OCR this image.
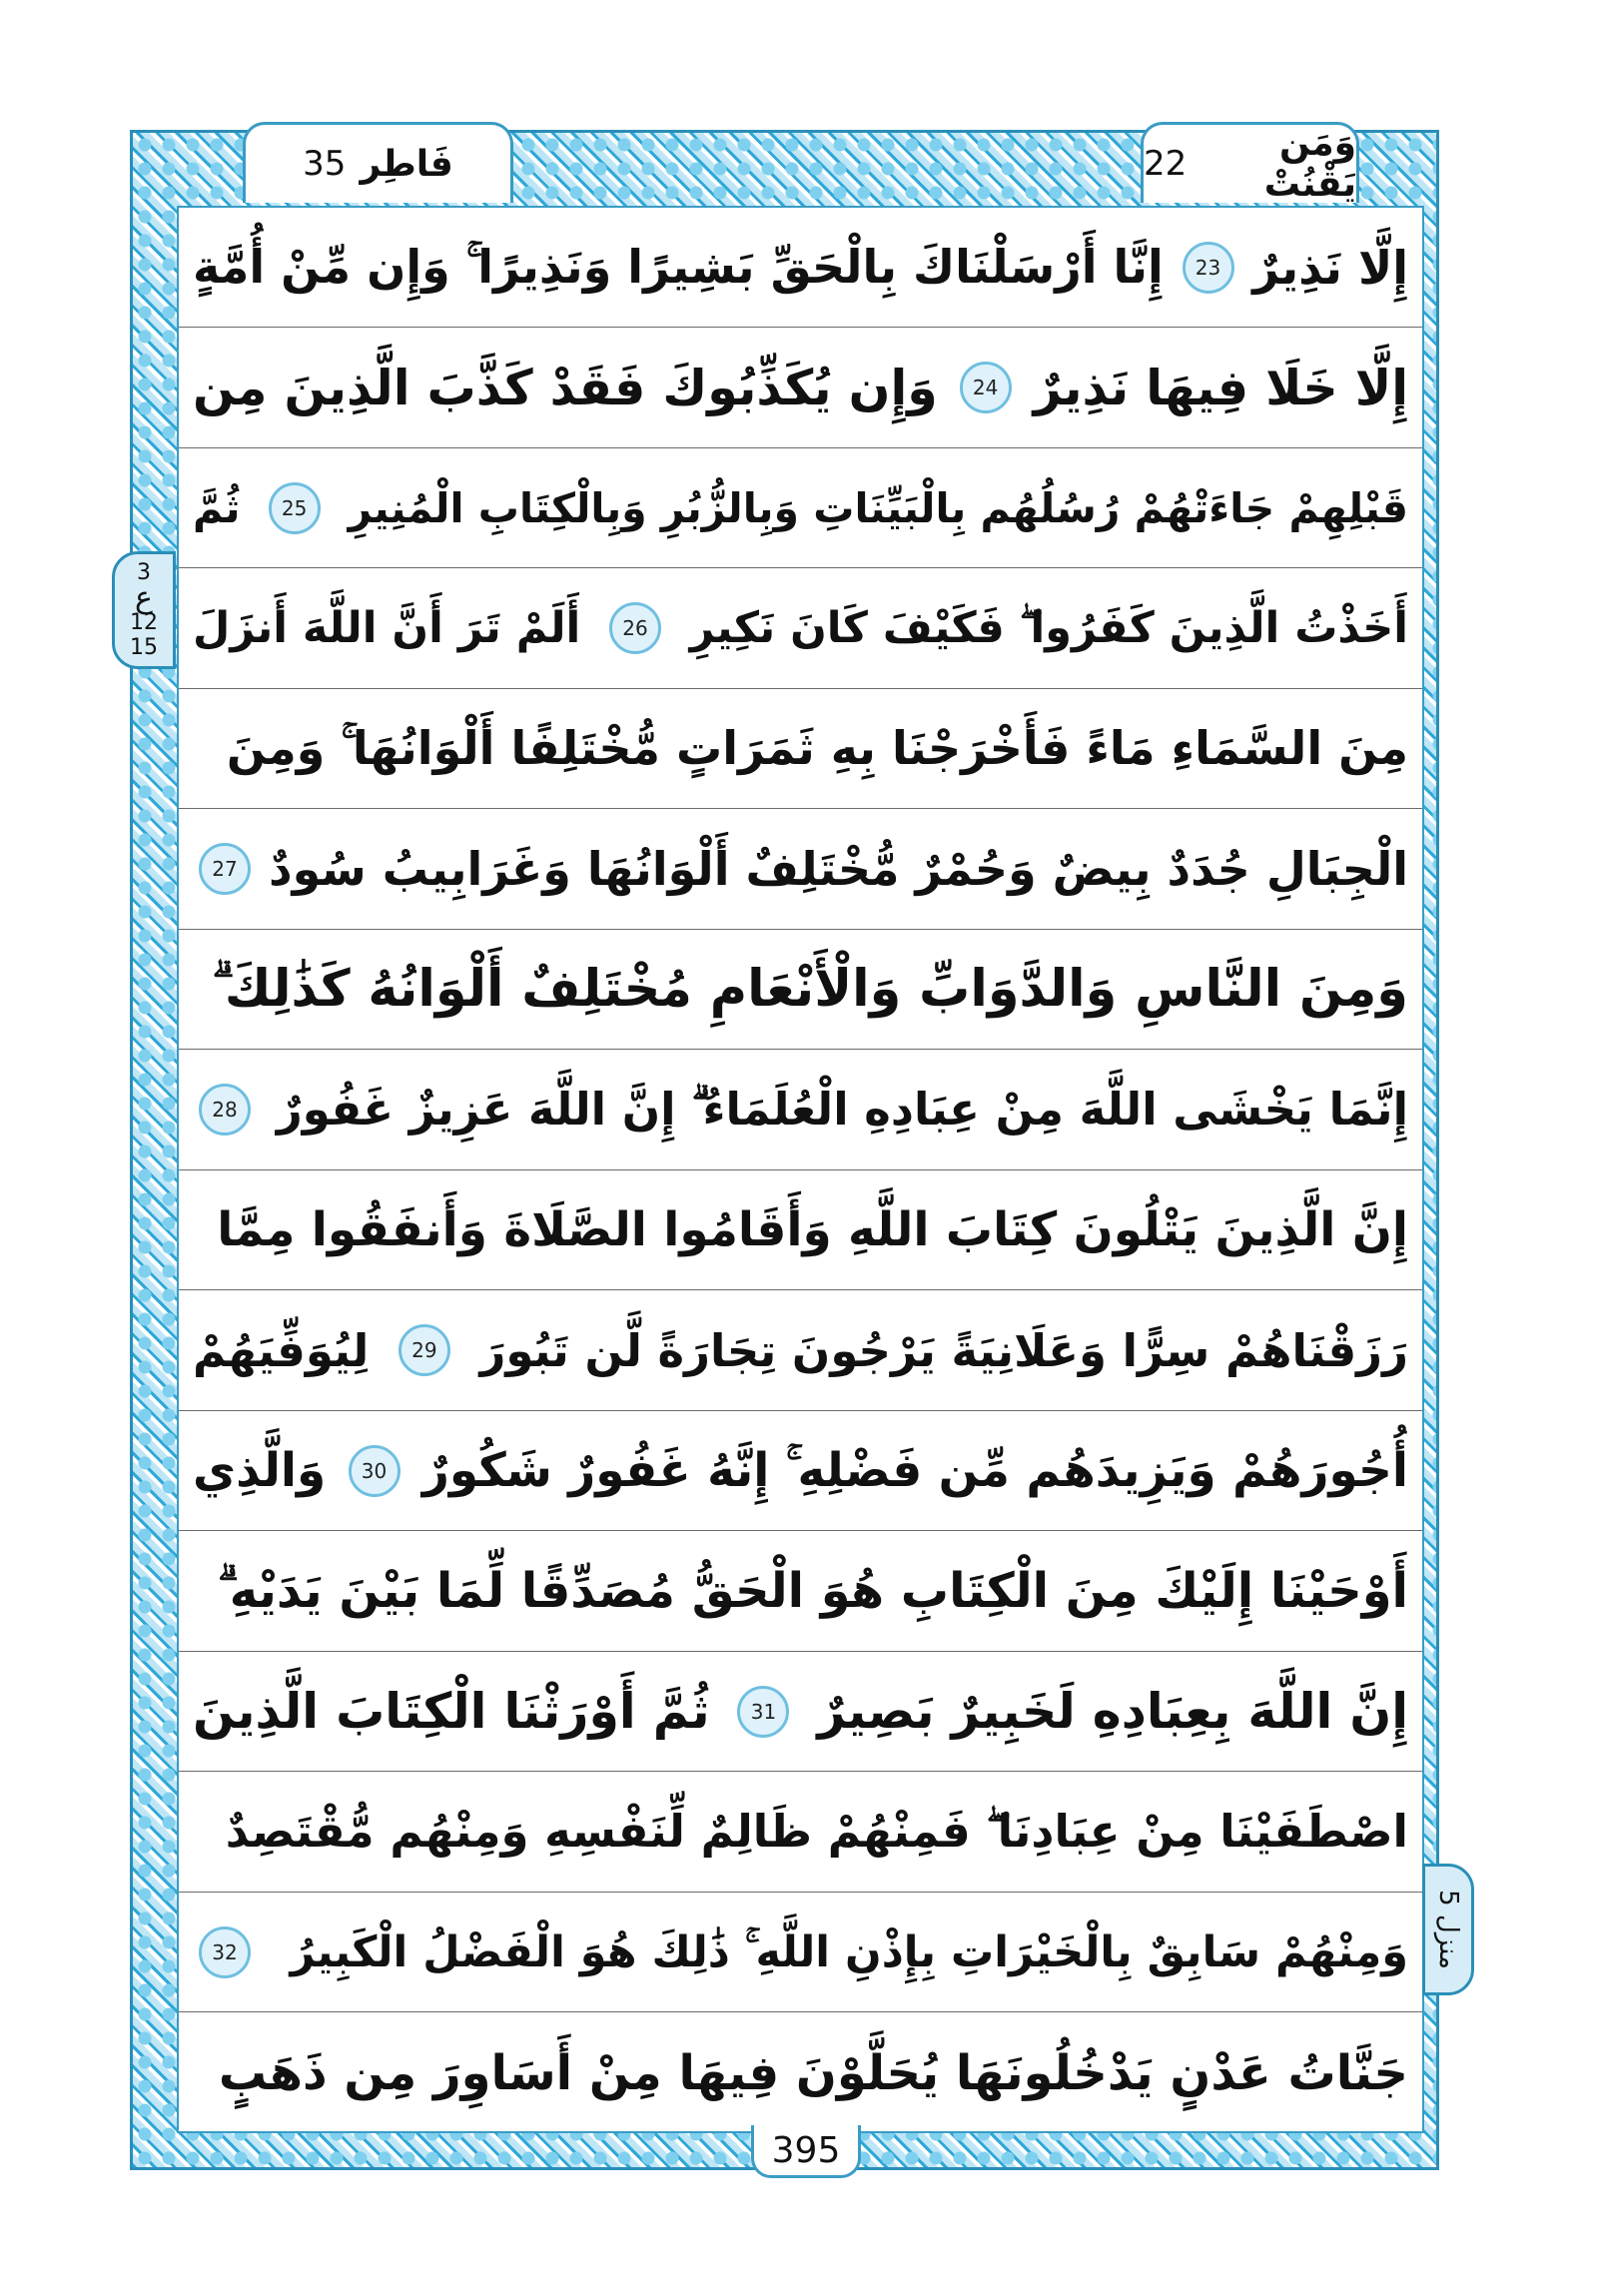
فَاطِر
35	وَمَن يَقْنُتْ
22
إِلَّا نَذِيرٌ
23
إِنَّا أَرْسَلْنَاكَ بِالْحَقِّ بَشِيرًا وَنَذِيرًا ۚ وَإِن مِّنْ أُمَّةٍ
إِلَّا خَلَا فِيهَا نَذِيرٌ
24
وَإِن يُكَذِّبُوكَ فَقَدْ كَذَّبَ الَّذِينَ مِن
قَبْلِهِمْ جَاءَتْهُمْ رُسُلُهُم بِالْبَيِّنَاتِ وَبِالزُّبُرِ وَبِالْكِتَابِ الْمُنِيرِ
25
ثُمَّ
أَخَذْتُ الَّذِينَ كَفَرُوا ۖ فَكَيْفَ كَانَ نَكِيرِ
26
أَلَمْ تَرَ أَنَّ اللَّهَ أَنزَلَ
مِنَ السَّمَاءِ مَاءً فَأَخْرَجْنَا بِهِ ثَمَرَاتٍ مُّخْتَلِفًا أَلْوَانُهَا ۚ وَمِنَ
الْجِبَالِ جُدَدٌ بِيضٌ وَحُمْرٌ مُّخْتَلِفٌ أَلْوَانُهَا وَغَرَابِيبُ سُودٌ
27
وَمِنَ النَّاسِ وَالدَّوَابِّ وَالْأَنْعَامِ مُخْتَلِفٌ أَلْوَانُهُ كَذَٰلِكَ ۗ
إِنَّمَا يَخْشَى اللَّهَ مِنْ عِبَادِهِ الْعُلَمَاءُ ۗ إِنَّ اللَّهَ عَزِيزٌ غَفُورٌ
28
إِنَّ الَّذِينَ يَتْلُونَ كِتَابَ اللَّهِ وَأَقَامُوا الصَّلَاةَ وَأَنفَقُوا مِمَّا
رَزَقْنَاهُمْ سِرًّا وَعَلَانِيَةً يَرْجُونَ تِجَارَةً لَّن تَبُورَ
29
لِيُوَفِّيَهُمْ
أُجُورَهُمْ وَيَزِيدَهُم مِّن فَضْلِهِ ۚ إِنَّهُ غَفُورٌ شَكُورٌ
30
وَالَّذِي
أَوْحَيْنَا إِلَيْكَ مِنَ الْكِتَابِ هُوَ الْحَقُّ مُصَدِّقًا لِّمَا بَيْنَ يَدَيْهِ ۗ
إِنَّ اللَّهَ بِعِبَادِهِ لَخَبِيرٌ بَصِيرٌ
31
ثُمَّ أَوْرَثْنَا الْكِتَابَ الَّذِينَ
اصْطَفَيْنَا مِنْ عِبَادِنَا ۖ فَمِنْهُمْ ظَالِمٌ لِّنَفْسِهِ وَمِنْهُم مُّقْتَصِدٌ
وَمِنْهُمْ سَابِقٌ بِالْخَيْرَاتِ بِإِذْنِ اللَّهِ ۚ ذَٰلِكَ هُوَ الْفَضْلُ الْكَبِيرُ
32
جَنَّاتُ عَدْنٍ يَدْخُلُونَهَا يُحَلَّوْنَ فِيهَا مِنْ أَسَاوِرَ مِن ذَهَبٍ
3
ع
12
15
منزل 5
395
